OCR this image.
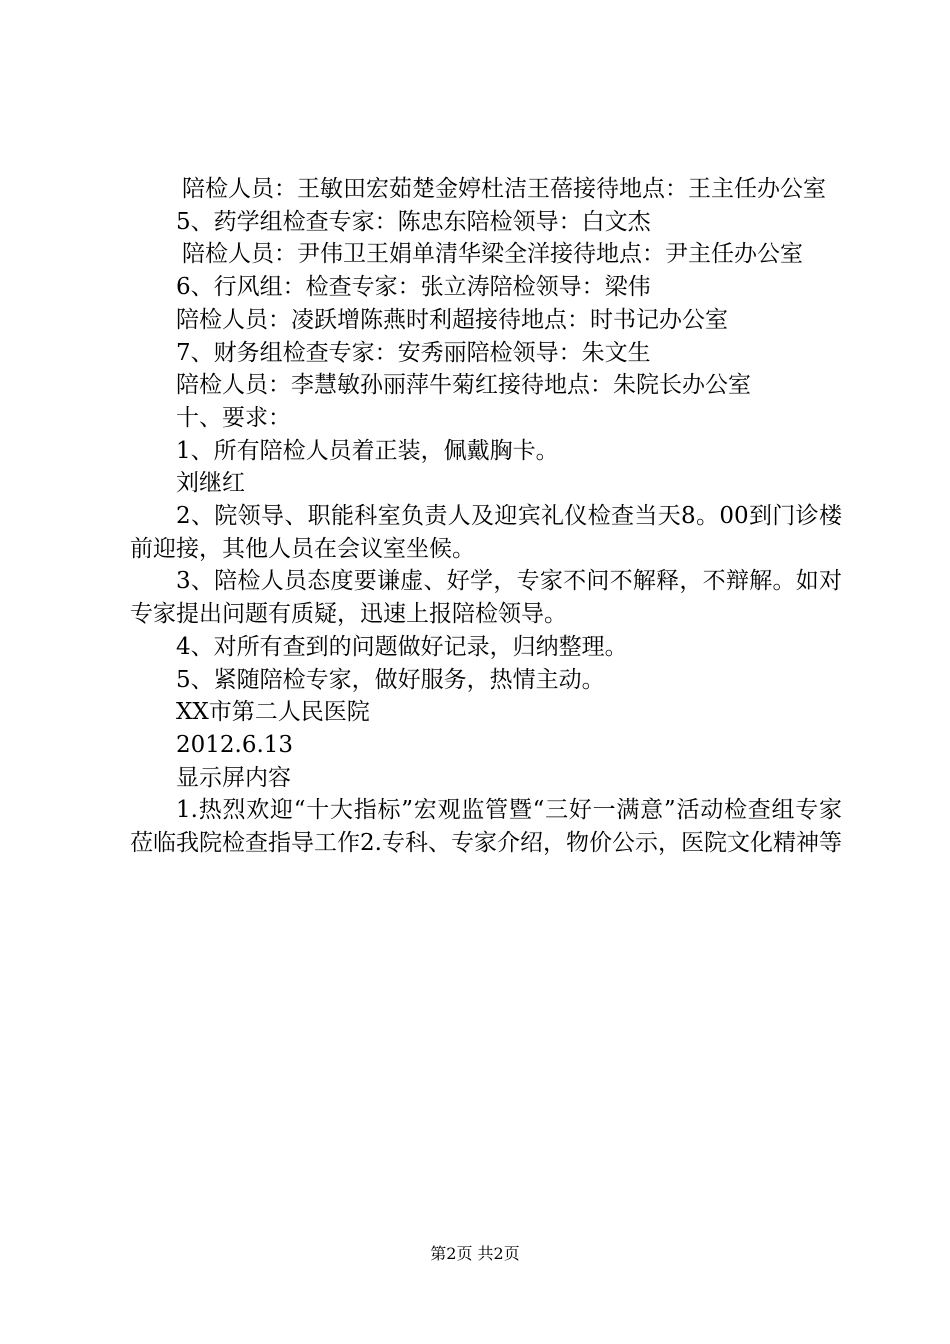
陪检人员：王敏田宏茹楚金婷杜洁王蓓接待地点：王主任办公室

5、药学组检查专家：陈忠东陪检领导：白文杰

陪检人员：尹伟卫王娟单清华梁全洋接待地点：尹主任办公室

6、行风组：检查专家：张立涛陪检领导：梁伟

陪检人员：凌跃增陈燕时利超接待地点：时书记办公室

7、财务组检查专家：安秀丽陪检领导：朱文生

陪检人员：李慧敏孙丽萍牛菊红接待地点：朱院长办公室

十、要求：

1、所有陪检人员着正装，佩戴胸卡。

刘继红

2、院领导、职能科室负责人及迎宾礼仪检查当天8。00到门诊楼前迎接，其他人员在会议室坐候。

3、陪检人员态度要谦虚、好学，专家不问不解释，不辩解。如对专家提出问题有质疑，迅速上报陪检领导。

4、对所有查到的问题做好记录，归纳整理。

5、紧随陪检专家，做好服务，热情主动。

XX市第二人民医院

2012.6.13

显示屏内容

1.热烈欢迎“十大指标”宏观监管暨“三好一满意”活动检查组专家莅临我院检查指导工作2.专科、专家介绍，物价公示，医院文化精神等

第2页 共2页
